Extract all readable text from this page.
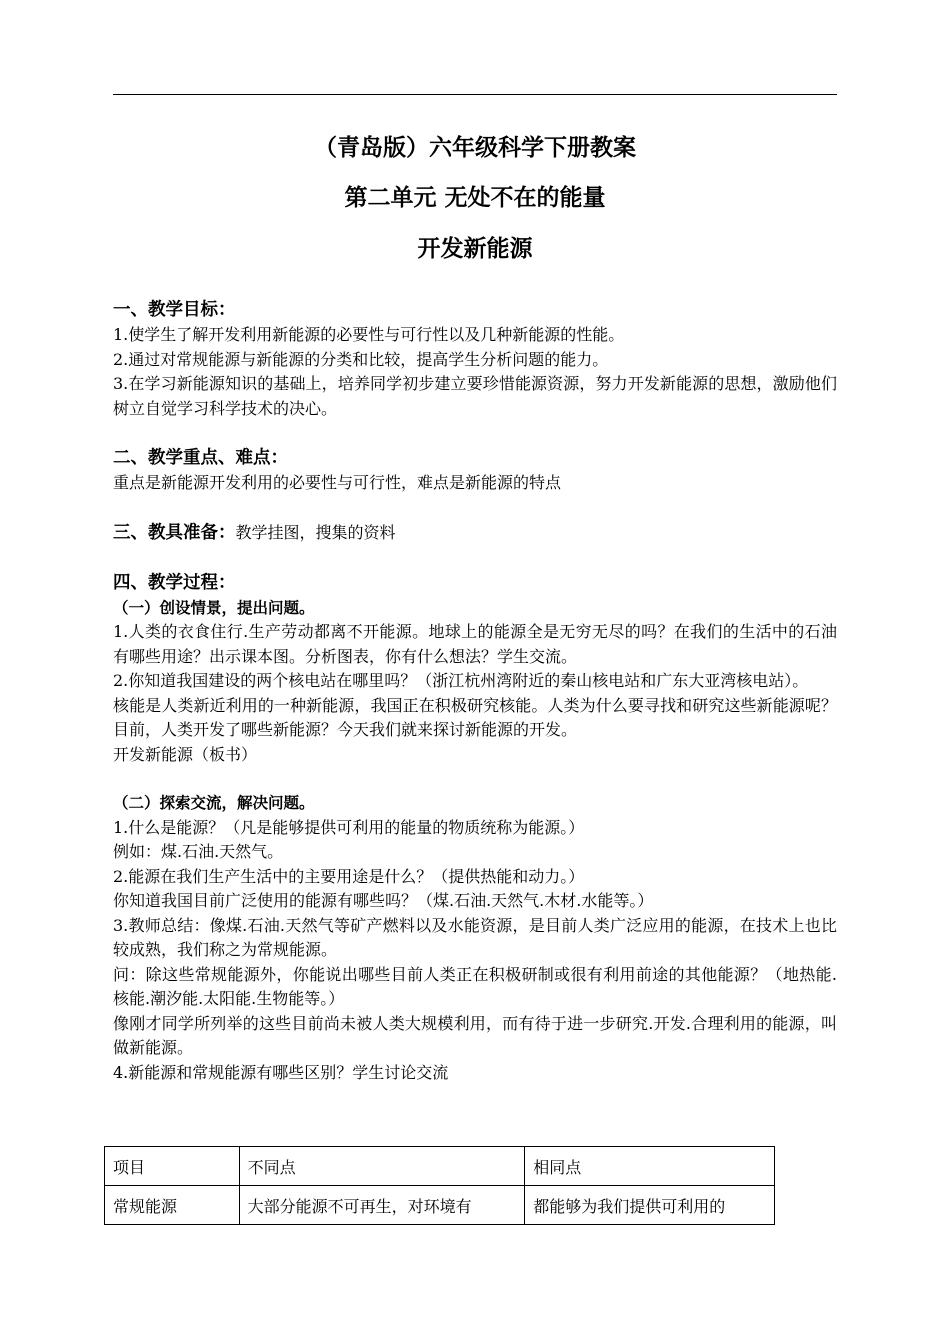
（青岛版）六年级科学下册教案

第二单元 无处不在的能量

开发新能源

一、教学目标：

1.使学生了解开发利用新能源的必要性与可行性以及几种新能源的性能。

2.通过对常规能源与新能源的分类和比较，提高学生分析问题的能力。

3.在学习新能源知识的基础上，培养同学初步建立要珍惜能源资源，努力开发新能源的思想，激励他们树立自觉学习科学技术的决心。

二、教学重点、难点：

重点是新能源开发利用的必要性与可行性，难点是新能源的特点

三、教具准备：教学挂图，搜集的资料

四、教学过程：

（一）创设情景，提出问题。

1.人类的衣食住行.生产劳动都离不开能源。地球上的能源全是无穷无尽的吗？在我们的生活中的石油有哪些用途？出示课本图。分析图表，你有什么想法？学生交流。

2.你知道我国建设的两个核电站在哪里吗？（浙江杭州湾附近的秦山核电站和广东大亚湾核电站）。

核能是人类新近利用的一种新能源，我国正在积极研究核能。人类为什么要寻找和研究这些新能源呢？目前，人类开发了哪些新能源？今天我们就来探讨新能源的开发。

开发新能源（板书）

（二）探索交流，解决问题。

1.什么是能源？（凡是能够提供可利用的能量的物质统称为能源。）

例如：煤.石油.天然气。

2.能源在我们生产生活中的主要用途是什么？（提供热能和动力。）

你知道我国目前广泛使用的能源有哪些吗？（煤.石油.天然气.木材.水能等。）

3.教师总结：像煤.石油.天然气等矿产燃料以及水能资源，是目前人类广泛应用的能源，在技术上也比较成熟，我们称之为常规能源。

问：除这些常规能源外，你能说出哪些目前人类正在积极研制或很有利用前途的其他能源？（地热能.核能.潮汐能.太阳能.生物能等。）

像刚才同学所列举的这些目前尚未被人类大规模利用，而有待于进一步研究.开发.合理利用的能源，叫做新能源。

4.新能源和常规能源有哪些区别？学生讨论交流

项目	不同点	相同点
常规能源	大部分能源不可再生，对环境有	都能够为我们提供可利用的
